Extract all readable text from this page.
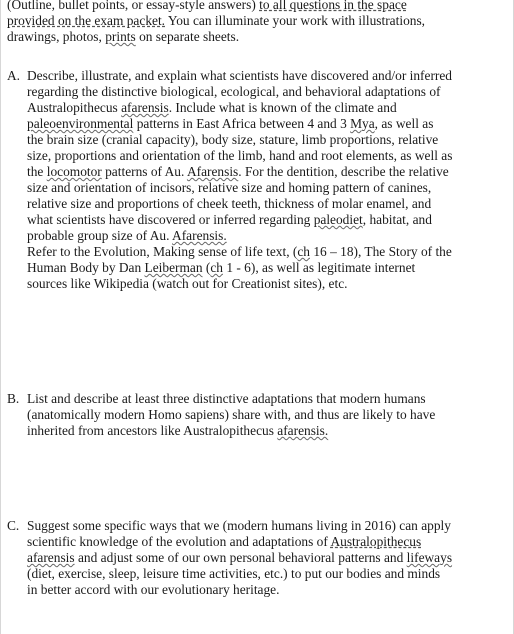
(Outline, bullet points, or essay-style answers) to all questions in the space
provided on the exam packet. You can illuminate your work with illustrations,
drawings, photos, prints on separate sheets.
A. Describe, illustrate, and explain what scientists have discovered and/or inferred
regarding the distinctive biological, ecological, and behavioral adaptations of
Australopithecus afarensis. Include what is known of the climate and
paleoenvironmental patterns in East Africa between 4 and 3 Mya, as well as
the brain size (cranial capacity), body size, stature, limb proportions, relative
size, proportions and orientation of the limb, hand and root elements, as well as
the locomotor patterns of Au. Afarensis. For the dentition, describe the relative
size and orientation of incisors, relative size and homing pattern of canines,
relative size and proportions of cheek teeth, thickness of molar enamel, and
what scientists have discovered or inferred regarding paleodiet, habitat, and
probable group size of Au. Afarensis.
Refer to the Evolution, Making sense of life text, (ch 16 – 18), The Story of the
Human Body by Dan Leiberman (ch 1 - 6), as well as legitimate internet
sources like Wikipedia (watch out for Creationist sites), etc.
B. List and describe at least three distinctive adaptations that modern humans
(anatomically modern Homo sapiens) share with, and thus are likely to have
inherited from ancestors like Australopithecus afarensis.
C. Suggest some specific ways that we (modern humans living in 2016) can apply
scientific knowledge of the evolution and adaptations of Australopithecus
afarensis and adjust some of our own personal behavioral patterns and lifeways
(diet, exercise, sleep, leisure time activities, etc.) to put our bodies and minds
in better accord with our evolutionary heritage.
